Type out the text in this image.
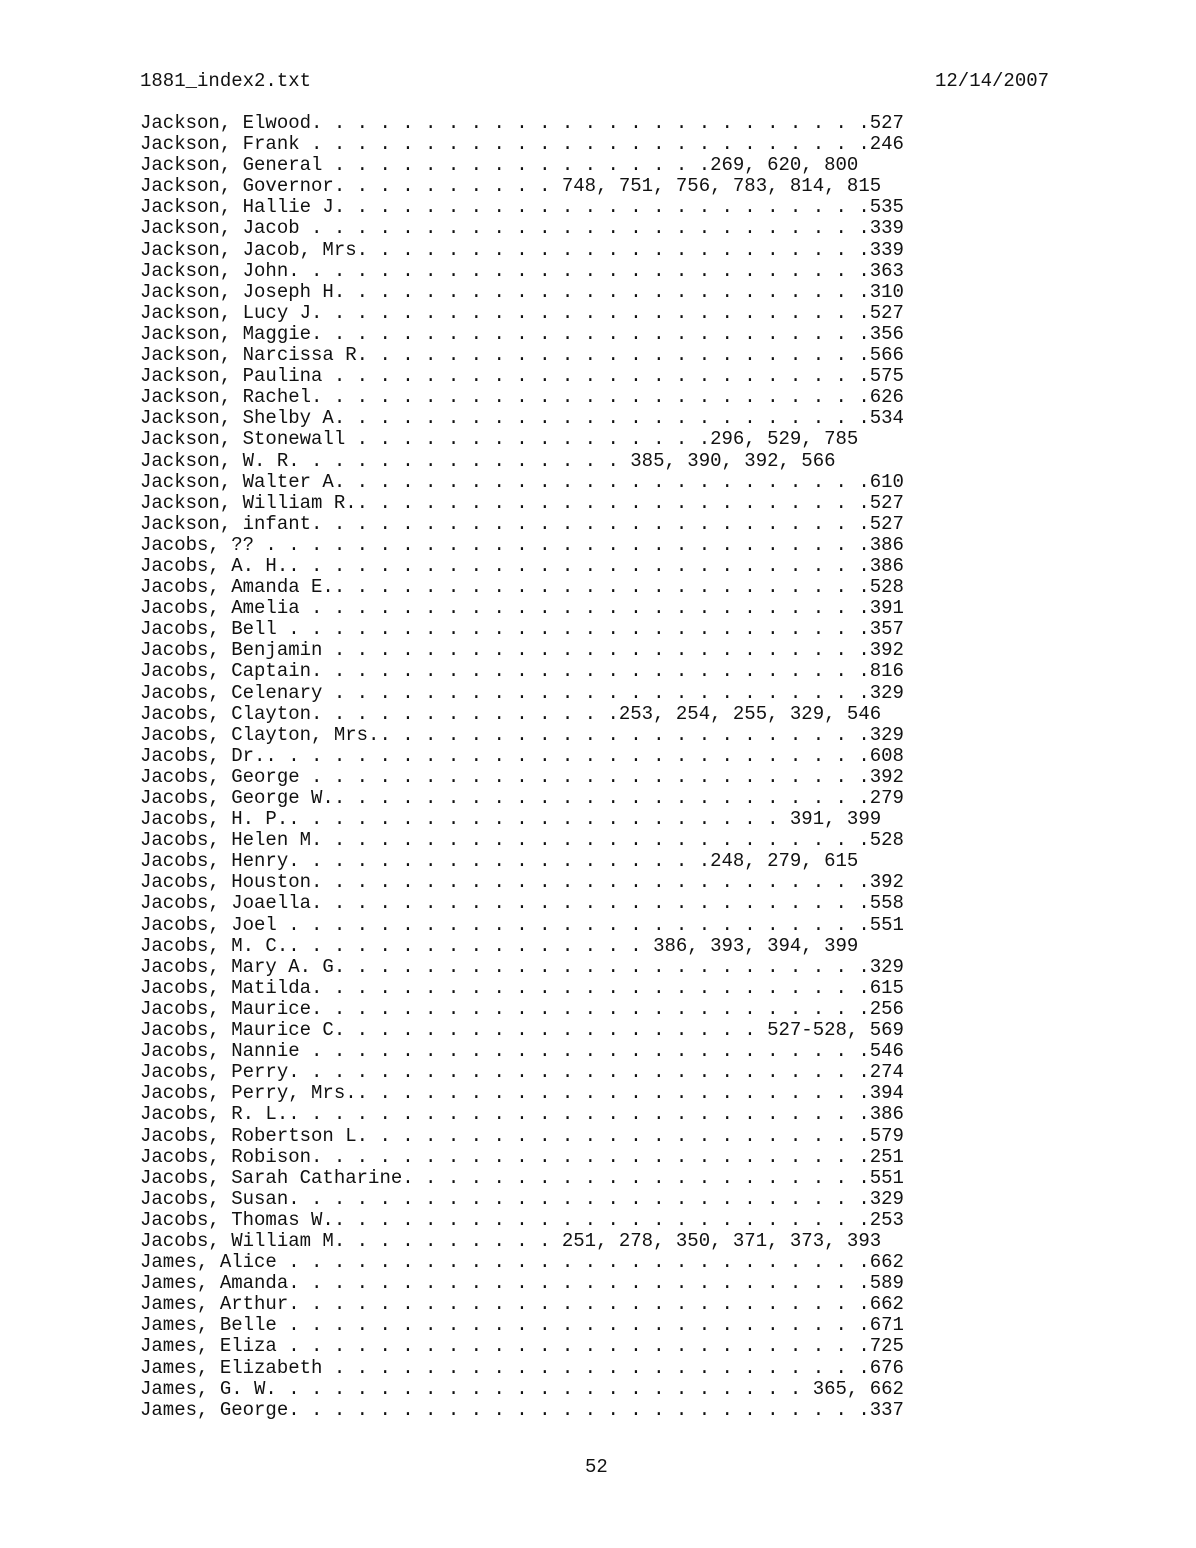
1881_index2.txt	12/14/2007
Jackson, Elwood. . . . . . . . . . . . . . . . . . . . . . . . .527
Jackson, Frank . . . . . . . . . . . . . . . . . . . . . . . . .246
Jackson, General . . . . . . . . . . . . . . . . .269, 620, 800
Jackson, Governor. . . . . . . . . . 748, 751, 756, 783, 814, 815
Jackson, Hallie J. . . . . . . . . . . . . . . . . . . . . . . .535
Jackson, Jacob . . . . . . . . . . . . . . . . . . . . . . . . .339
Jackson, Jacob, Mrs. . . . . . . . . . . . . . . . . . . . . . .339
Jackson, John. . . . . . . . . . . . . . . . . . . . . . . . . .363
Jackson, Joseph H. . . . . . . . . . . . . . . . . . . . . . . .310
Jackson, Lucy J. . . . . . . . . . . . . . . . . . . . . . . . .527
Jackson, Maggie. . . . . . . . . . . . . . . . . . . . . . . . .356
Jackson, Narcissa R. . . . . . . . . . . . . . . . . . . . . . .566
Jackson, Paulina . . . . . . . . . . . . . . . . . . . . . . . .575
Jackson, Rachel. . . . . . . . . . . . . . . . . . . . . . . . .626
Jackson, Shelby A. . . . . . . . . . . . . . . . . . . . . . . .534
Jackson, Stonewall . . . . . . . . . . . . . . . .296, 529, 785
Jackson, W. R. . . . . . . . . . . . . . . 385, 390, 392, 566
Jackson, Walter A. . . . . . . . . . . . . . . . . . . . . . . .610
Jackson, William R.. . . . . . . . . . . . . . . . . . . . . . .527
Jackson, infant. . . . . . . . . . . . . . . . . . . . . . . . .527
Jacobs, ?? . . . . . . . . . . . . . . . . . . . . . . . . . . .386
Jacobs, A. H.. . . . . . . . . . . . . . . . . . . . . . . . . .386
Jacobs, Amanda E.. . . . . . . . . . . . . . . . . . . . . . . .528
Jacobs, Amelia . . . . . . . . . . . . . . . . . . . . . . . . .391
Jacobs, Bell . . . . . . . . . . . . . . . . . . . . . . . . . .357
Jacobs, Benjamin . . . . . . . . . . . . . . . . . . . . . . . .392
Jacobs, Captain. . . . . . . . . . . . . . . . . . . . . . . . .816
Jacobs, Celenary . . . . . . . . . . . . . . . . . . . . . . . .329
Jacobs, Clayton. . . . . . . . . . . . . .253, 254, 255, 329, 546
Jacobs, Clayton, Mrs.. . . . . . . . . . . . . . . . . . . . . .329
Jacobs, Dr.. . . . . . . . . . . . . . . . . . . . . . . . . . .608
Jacobs, George . . . . . . . . . . . . . . . . . . . . . . . . .392
Jacobs, George W.. . . . . . . . . . . . . . . . . . . . . . . .279
Jacobs, H. P.. . . . . . . . . . . . . . . . . . . . . . 391, 399
Jacobs, Helen M. . . . . . . . . . . . . . . . . . . . . . . . .528
Jacobs, Henry. . . . . . . . . . . . . . . . . . .248, 279, 615
Jacobs, Houston. . . . . . . . . . . . . . . . . . . . . . . . .392
Jacobs, Joaella. . . . . . . . . . . . . . . . . . . . . . . . .558
Jacobs, Joel . . . . . . . . . . . . . . . . . . . . . . . . . .551
Jacobs, M. C.. . . . . . . . . . . . . . . . 386, 393, 394, 399
Jacobs, Mary A. G. . . . . . . . . . . . . . . . . . . . . . . .329
Jacobs, Matilda. . . . . . . . . . . . . . . . . . . . . . . . .615
Jacobs, Maurice. . . . . . . . . . . . . . . . . . . . . . . . .256
Jacobs, Maurice C. . . . . . . . . . . . . . . . . . . 527-528, 569
Jacobs, Nannie . . . . . . . . . . . . . . . . . . . . . . . . .546
Jacobs, Perry. . . . . . . . . . . . . . . . . . . . . . . . . .274
Jacobs, Perry, Mrs.. . . . . . . . . . . . . . . . . . . . . . .394
Jacobs, R. L.. . . . . . . . . . . . . . . . . . . . . . . . . .386
Jacobs, Robertson L. . . . . . . . . . . . . . . . . . . . . . .579
Jacobs, Robison. . . . . . . . . . . . . . . . . . . . . . . . .251
Jacobs, Sarah Catharine. . . . . . . . . . . . . . . . . . . . .551
Jacobs, Susan. . . . . . . . . . . . . . . . . . . . . . . . . .329
Jacobs, Thomas W.. . . . . . . . . . . . . . . . . . . . . . . .253
Jacobs, William M. . . . . . . . . . 251, 278, 350, 371, 373, 393
James, Alice . . . . . . . . . . . . . . . . . . . . . . . . . .662
James, Amanda. . . . . . . . . . . . . . . . . . . . . . . . . .589
James, Arthur. . . . . . . . . . . . . . . . . . . . . . . . . .662
James, Belle . . . . . . . . . . . . . . . . . . . . . . . . . .671
James, Eliza . . . . . . . . . . . . . . . . . . . . . . . . . .725
James, Elizabeth . . . . . . . . . . . . . . . . . . . . . . . .676
James, G. W. . . . . . . . . . . . . . . . . . . . . . . . 365, 662
James, George. . . . . . . . . . . . . . . . . . . . . . . . . .337
52
